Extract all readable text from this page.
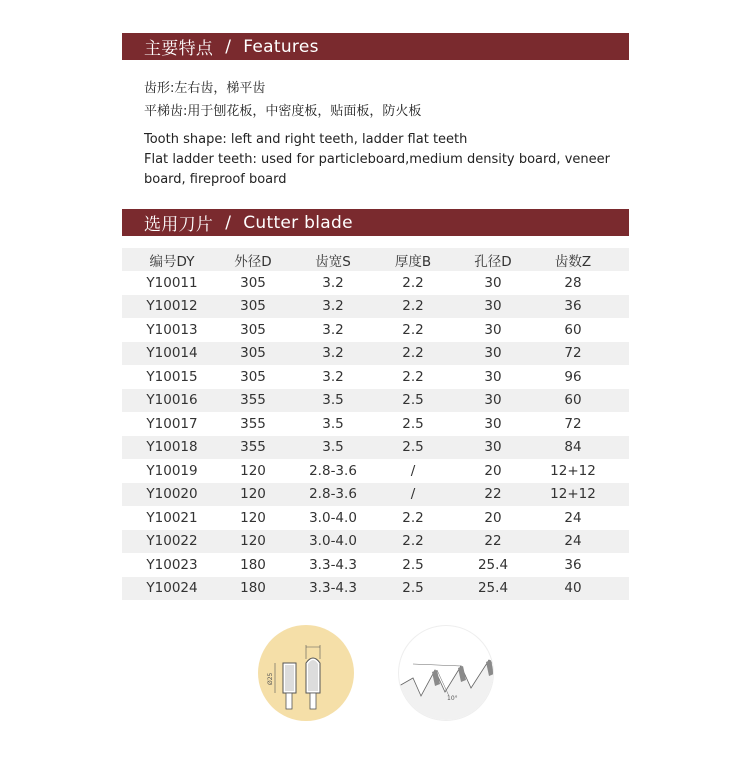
主要特点 / Features

齿形:左右齿，梯平齿

平梯齿:用于刨花板，中密度板，贴面板，防火板

Tooth shape: left and right teeth, ladder flat teeth

Flat ladder teeth: used for particleboard,medium density board, veneer board, fireproof board

选用刀片 / Cutter blade
编号DY	外径D	齿宽S	厚度B	孔径D	齿数Z
Y10011	305	3.2	2.2	30	28
Y10012	305	3.2	2.2	30	36
Y10013	305	3.2	2.2	30	60
Y10014	305	3.2	2.2	30	72
Y10015	305	3.2	2.2	30	96
Y10016	355	3.5	2.5	30	60
Y10017	355	3.5	2.5	30	72
Y10018	355	3.5	2.5	30	84
Y10019	120	2.8-3.6	/	20	12+12
Y10020	120	2.8-3.6	/	22	12+12
Y10021	120	3.0-4.0	2.2	20	24
Y10022	120	3.0-4.0	2.2	22	24
Y10023	180	3.3-4.3	2.5	25.4	36
Y10024	180	3.3-4.3	2.5	25.4	40
Ø25
10°
